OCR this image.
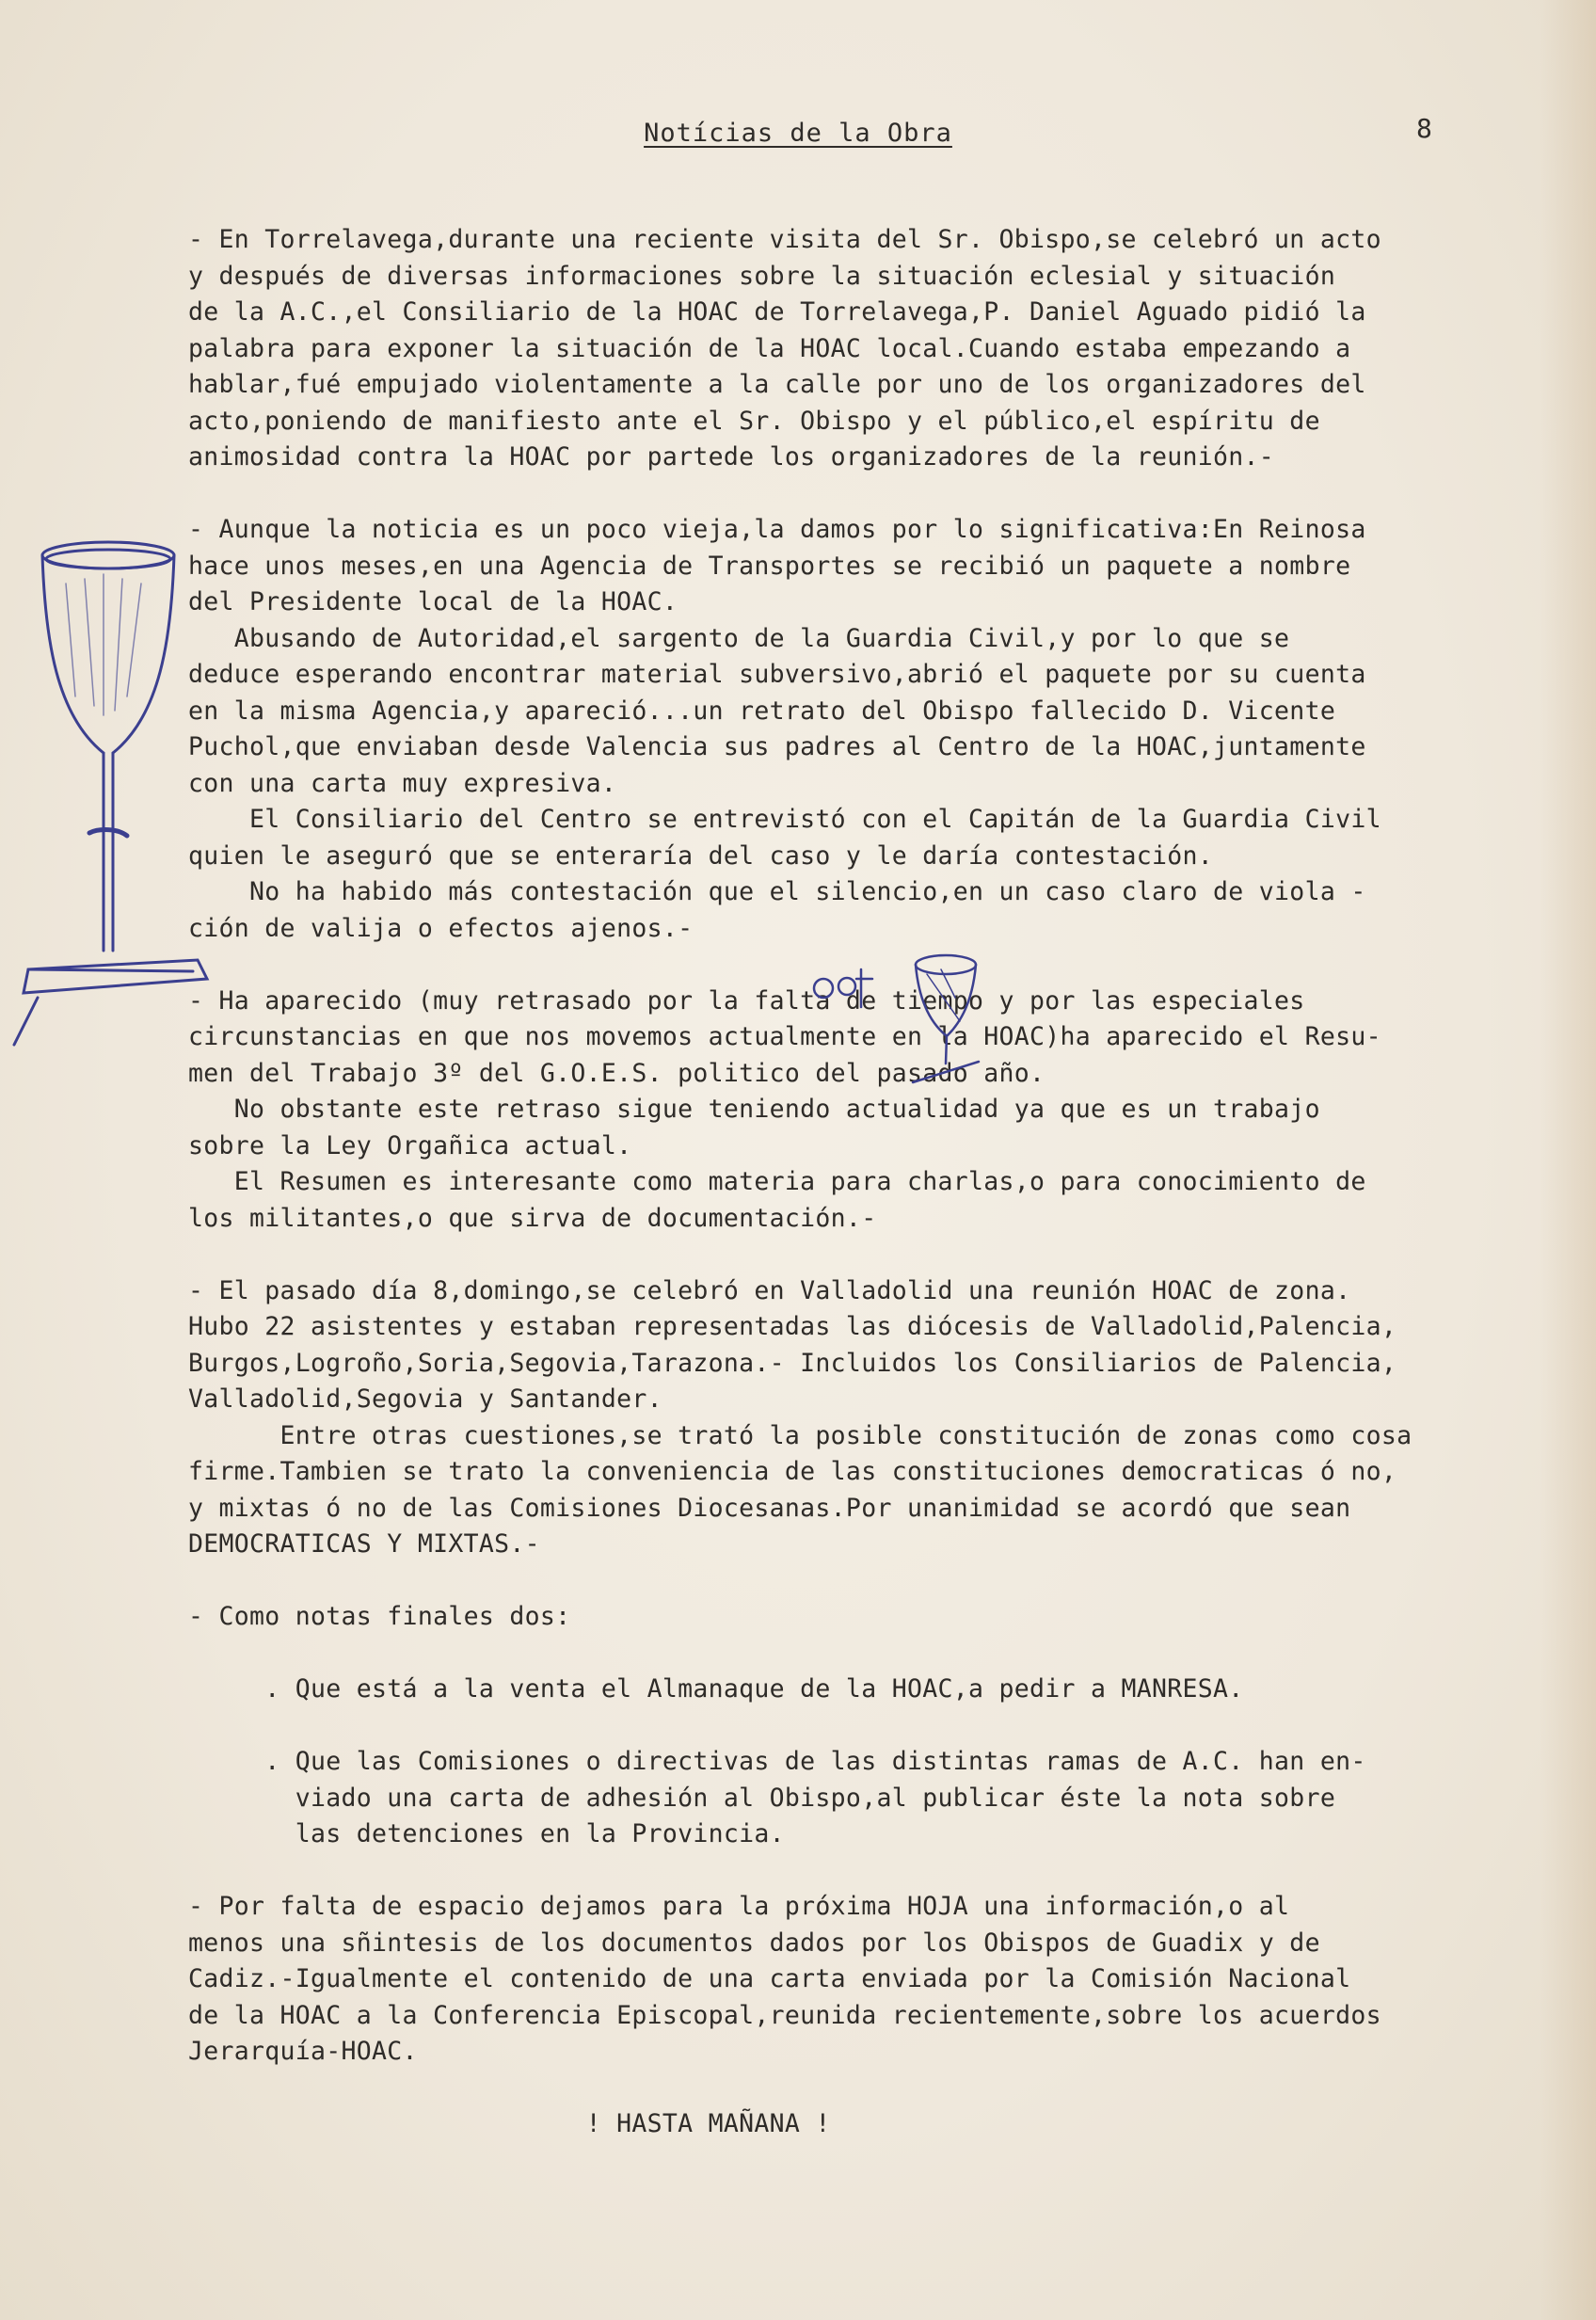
Notícias de la Obra	8
- En Torrelavega,durante una reciente visita del Sr. Obispo,se celebró un acto
y después de diversas informaciones sobre la situación eclesial y situación
de la A.C.,el Consiliario de la HOAC de Torrelavega,P. Daniel Aguado pidió la
palabra para exponer la situación de la HOAC local.Cuando estaba empezando a
hablar,fué empujado violentamente a la calle por uno de los organizadores del
acto,poniendo de manifiesto ante el Sr. Obispo y el público,el espíritu de
animosidad contra la HOAC por partede los organizadores de la reunión.-

- Aunque la noticia es un poco vieja,la damos por lo significativa:En Reinosa
hace unos meses,en una Agencia de Transportes se recibió un paquete a nombre
del Presidente local de la HOAC.
Abusando de Autoridad,el sargento de la Guardia Civil,y por lo que se
deduce esperando encontrar material subversivo,abrió el paquete por su cuenta
en la misma Agencia,y apareció...un retrato del Obispo fallecido D. Vicente
Puchol,que enviaban desde Valencia sus padres al Centro de la HOAC,juntamente
con una carta muy expresiva.
El Consiliario del Centro se entrevistó con el Capitán de la Guardia Civil
quien le aseguró que se enteraría del caso y le daría contestación.
No ha habido más contestación que el silencio,en un caso claro de viola -
ción de valija o efectos ajenos.-

- Ha aparecido (muy retrasado por la falta de tiempo y por las especiales
circunstancias en que nos movemos actualmente en la HOAC)ha aparecido el Resu-
men del Trabajo 3º del G.O.E.S. politico del pasado año.
No obstante este retraso sigue teniendo actualidad ya que es un trabajo
sobre la Ley Orgañica actual.
El Resumen es interesante como materia para charlas,o para conocimiento de
los militantes,o que sirva de documentación.-

- El pasado día 8,domingo,se celebró en Valladolid una reunión HOAC de zona.
Hubo 22 asistentes y estaban representadas las diócesis de Valladolid,Palencia,
Burgos,Logroño,Soria,Segovia,Tarazona.- Incluidos los Consiliarios de Palencia,
Valladolid,Segovia y Santander.
Entre otras cuestiones,se trató la posible constitución de zonas como cosa
firme.Tambien se trato la conveniencia de las constituciones democraticas ó no,
y mixtas ó no de las Comisiones Diocesanas.Por unanimidad se acordó que sean
DEMOCRATICAS Y MIXTAS.-

- Como notas finales dos:

. Que está a la venta el Almanaque de la HOAC,a pedir a MANRESA.

. Que las Comisiones o directivas de las distintas ramas de A.C. han en-
viado una carta de adhesión al Obispo,al publicar éste la nota sobre
las detenciones en la Provincia.

- Por falta de espacio dejamos para la próxima HOJA una información,o al
menos una sñintesis de los documentos dados por los Obispos de Guadix y de
Cadiz.-Igualmente el contenido de una carta enviada por la Comisión Nacional
de la HOAC a la Conferencia Episcopal,reunida recientemente,sobre los acuerdos
Jerarquía-HOAC.

! HASTA MAÑANA !
